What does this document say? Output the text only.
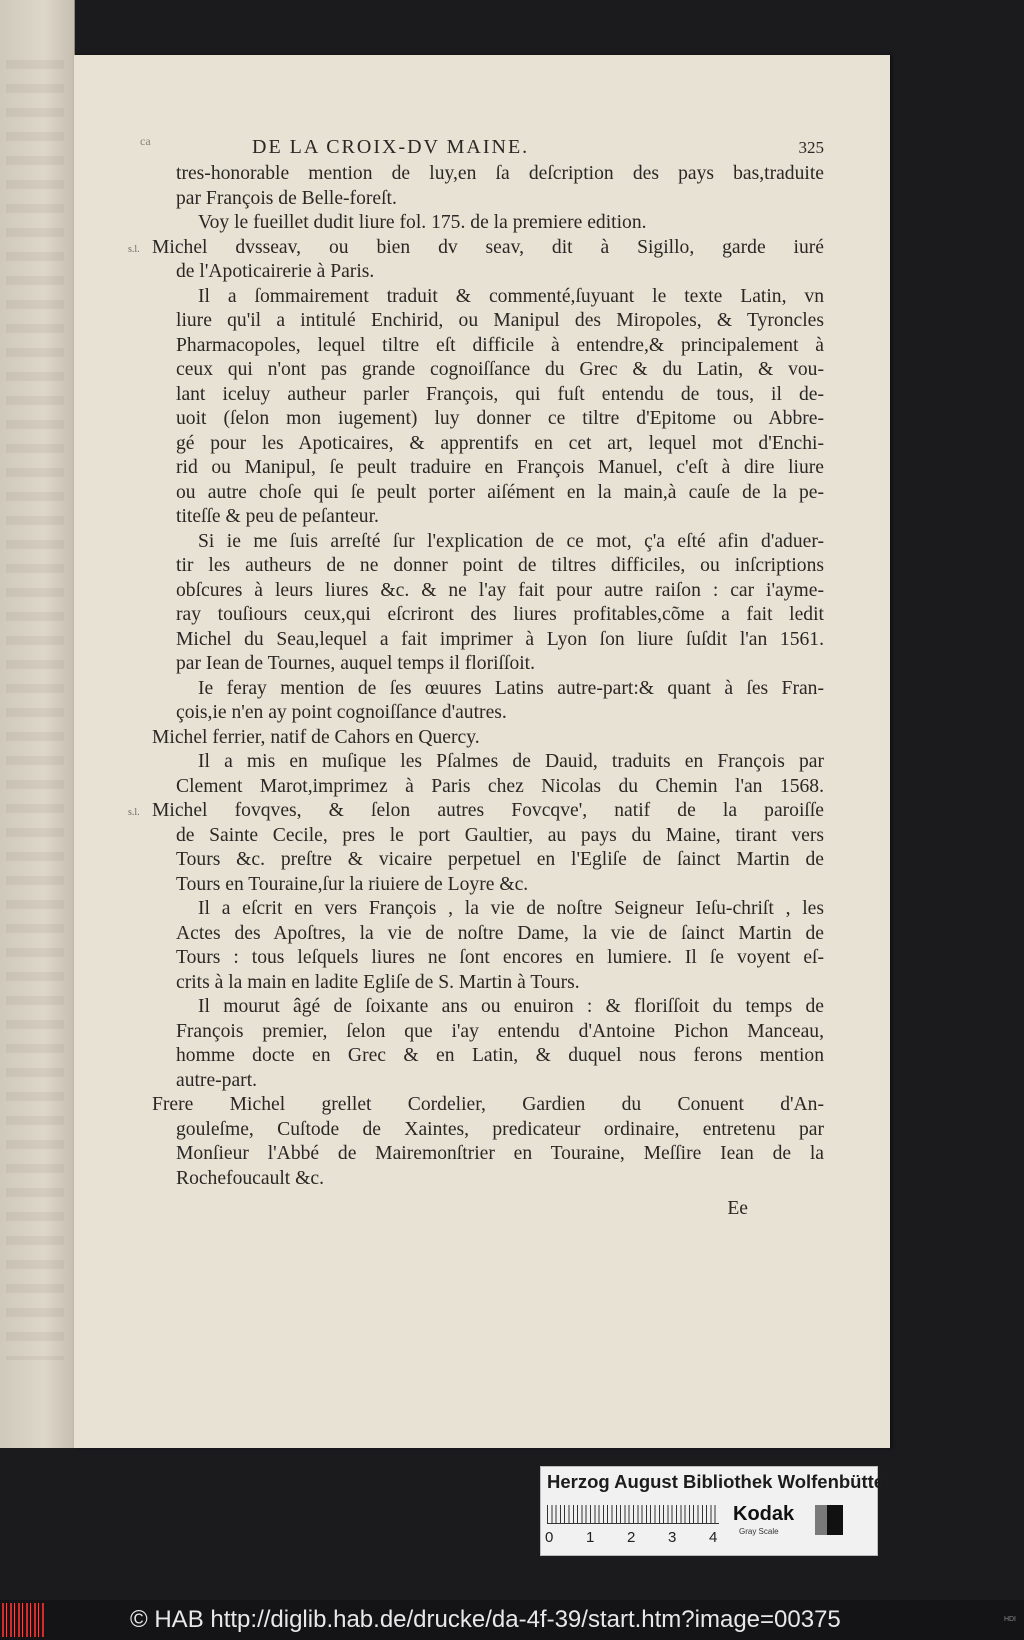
ca	DE LA CROIX-DV MAINE.	325
tres-honorable mention de luy,en ſa deſcription des pays bas,traduite
par François de Belle-foreſt.
Voy le fueillet dudit liure fol. 175. de la premiere edition.
s.l. Michel dvsseav, ou bien dv seav, dit à Sigillo, garde iuré
de l'Apoticairerie à Paris.
Il a ſommairement traduit & commenté,ſuyuant le texte Latin, vn
liure qu'il a intitulé Enchirid, ou Manipul des Miropoles, & Tyroncles
Pharmacopoles, lequel tiltre eſt difficile à entendre,& principalement à
ceux qui n'ont pas grande cognoiſſance du Grec & du Latin, & vou-
lant iceluy autheur parler François, qui fuſt entendu de tous, il de-
uoit (ſelon mon iugement) luy donner ce tiltre d'Epitome ou Abbre-
gé pour les Apoticaires, & apprentifs en cet art, lequel mot d'Enchi-
rid ou Manipul, ſe peult traduire en François Manuel, c'eſt à dire liure
ou autre choſe qui ſe peult porter aiſément en la main,à cauſe de la pe-
titeſſe & peu de peſanteur.
Si ie me ſuis arreſté ſur l'explication de ce mot, ç'a eſté afin d'aduer-
tir les autheurs de ne donner point de tiltres difficiles, ou inſcriptions
obſcures à leurs liures &c. & ne l'ay fait pour autre raiſon : car i'ayme-
ray touſiours ceux,qui eſcriront des liures profitables,cõme a fait ledit
Michel du Seau,lequel a fait imprimer à Lyon ſon liure ſuſdit l'an 1561.
par Iean de Tournes, auquel temps il floriſſoit.
Ie feray mention de ſes œuures Latins autre-part:& quant à ſes Fran-
çois,ie n'en ay point cognoiſſance d'autres.
Michel ferrier, natif de Cahors en Quercy.
Il a mis en muſique les Pſalmes de Dauid, traduits en François par
Clement Marot,imprimez à Paris chez Nicolas du Chemin l'an 1568.
s.l. Michel fovqves, & ſelon autres Fovcqve', natif de la paroiſſe
de Sainte Cecile, pres le port Gaultier, au pays du Maine, tirant vers
Tours &c. preſtre & vicaire perpetuel en l'Egliſe de ſainct Martin de
Tours en Touraine,ſur la riuiere de Loyre &c.
Il a eſcrit en vers François , la vie de noſtre Seigneur Ieſu-chriſt , les
Actes des Apoſtres, la vie de noſtre Dame, la vie de ſainct Martin de
Tours : tous leſquels liures ne ſont encores en lumiere. Il ſe voyent eſ-
crits à la main en ladite Egliſe de S. Martin à Tours.
Il mourut âgé de ſoixante ans ou enuiron : & floriſſoit du temps de
François premier, ſelon que i'ay entendu d'Antoine Pichon Manceau,
homme docte en Grec & en Latin, & duquel nous ferons mention
autre-part.
Frere Michel grellet Cordelier, Gardien du Conuent d'An-
gouleſme, Cuſtode de Xaintes, predicateur ordinaire, entretenu par
Monſieur l'Abbé de Mairemonſtrier en Touraine, Meſſire Iean de la
Rochefoucault &c.
Ee
Herzog August Bibliothek Wolfenbüttel
0 1 2 3 4
Kodak
Gray Scale
© HAB http://diglib.hab.de/drucke/da-4f-39/start.htm?image=00375	HDI
